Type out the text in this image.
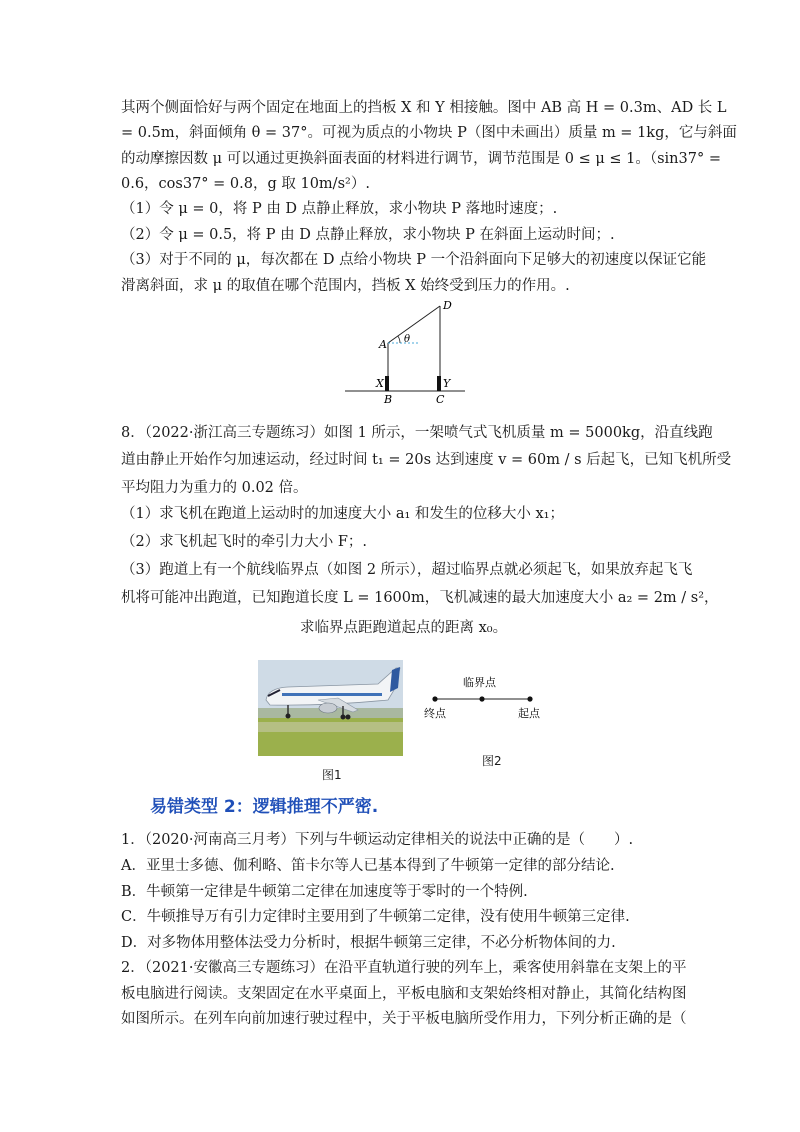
其两个侧面恰好与两个固定在地面上的挡板 X 和 Y 相接触。图中 AB 高 H = 0.3m、AD 长 L
= 0.5m，斜面倾角 θ = 37°。可视为质点的小物块 P（图中未画出）质量 m = 1kg，它与斜面
的动摩擦因数 μ 可以通过更换斜面表面的材料进行调节，调节范围是 0 ≤ μ ≤ 1。（sin37° =
0.6，cos37° = 0.8，g 取 10m/s²）.
（1）令 μ = 0，将 P 由 D 点静止释放，求小物块 P 落地时速度；.
（2）令 μ = 0.5，将 P 由 D 点静止释放，求小物块 P 在斜面上运动时间；.
（3）对于不同的 μ，每次都在 D 点给小物块 P 一个沿斜面向下足够大的初速度以保证它能
滑离斜面，求 μ 的取值在哪个范围内，挡板 X 始终受到压力的作用。.
D
A θ
X	Y
B	C
8．（2022·浙江高三专题练习）如图 1 所示，一架喷气式飞机质量 m = 5000kg，沿直线跑
道由静止开始作匀加速运动，经过时间 t₁ = 20s 达到速度 v = 60m / s 后起飞，已知飞机所受
平均阻力为重力的 0.02 倍。
（1）求飞机在跑道上运动时的加速度大小 a₁ 和发生的位移大小 x₁；
（2）求飞机起飞时的牵引力大小 F；.
（3）跑道上有一个航线临界点（如图 2 所示），超过临界点就必须起飞，如果放弃起飞飞
机将可能冲出跑道，已知跑道长度 L = 1600m，飞机减速的最大加速度大小 a₂ = 2m / s²，
求临界点距跑道起点的距离 x₀。
临界点
终点	起点
图1
图2
易错类型 2：逻辑推理不严密.
1．（2020·河南高三月考）下列与牛顿运动定律相关的说法中正确的是（　　）.
A．亚里士多德、伽利略、笛卡尔等人已基本得到了牛顿第一定律的部分结论.
B．牛顿第一定律是牛顿第二定律在加速度等于零时的一个特例.
C．牛顿推导万有引力定律时主要用到了牛顿第二定律，没有使用牛顿第三定律.
D．对多物体用整体法受力分析时，根据牛顿第三定律，不必分析物体间的力.
2．（2021·安徽高三专题练习）在沿平直轨道行驶的列车上，乘客使用斜靠在支架上的平
板电脑进行阅读。支架固定在水平桌面上，平板电脑和支架始终相对静止，其简化结构图
如图所示。在列车向前加速行驶过程中，关于平板电脑所受作用力，下列分析正确的是（
